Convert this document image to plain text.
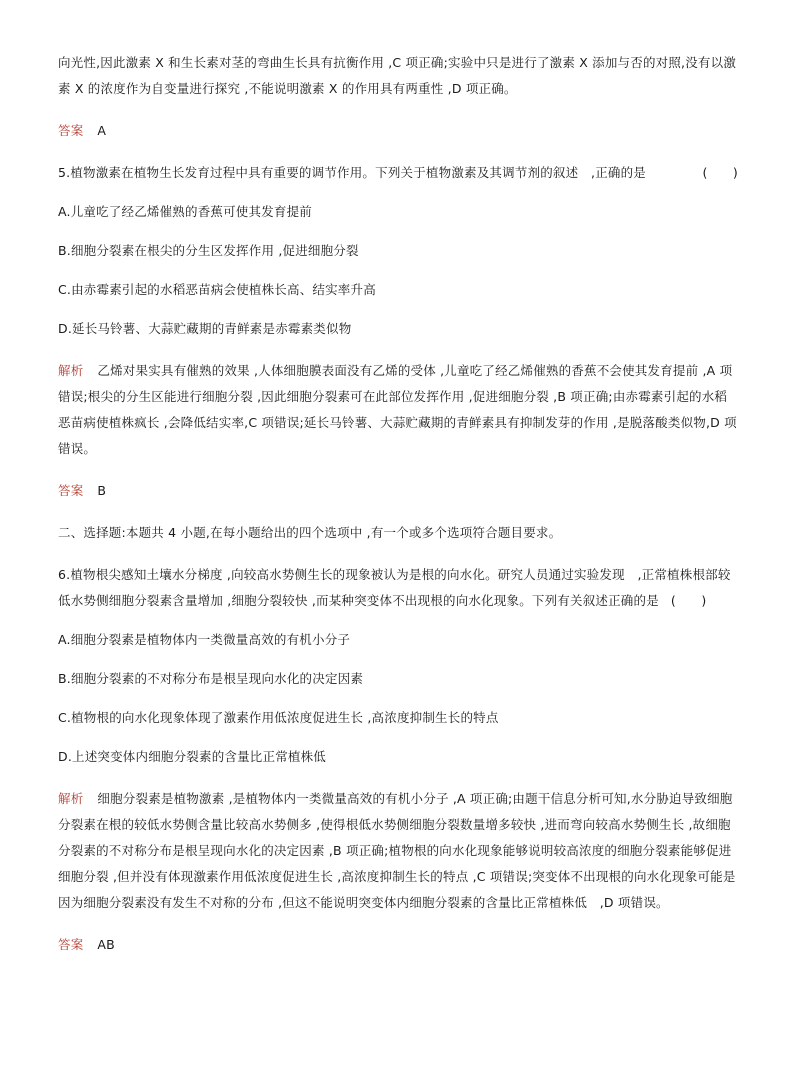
向光性,因此激素 X 和生长素对茎的弯曲生长具有抗衡作用 ,C 项正确;实验中只是进行了激素 X 添加与否的对照,没有以激素 X 的浓度作为自变量进行探究 ,不能说明激素 X 的作用具有两重性 ,D 项正确。

答案 A

5.植物激素在植物生长发育过程中具有重要的调节作用。下列关于植物激素及其调节剂的叙述　,正确的是	(　　)

A.儿童吃了经乙烯催熟的香蕉可使其发育提前

B.细胞分裂素在根尖的分生区发挥作用 ,促进细胞分裂

C.由赤霉素引起的水稻恶苗病会使植株长高、结实率升高

D.延长马铃薯、大蒜贮藏期的青鲜素是赤霉素类似物

解析 乙烯对果实具有催熟的效果 ,人体细胞膜表面没有乙烯的受体 ,儿童吃了经乙烯催熟的香蕉不会使其发育提前 ,A 项错误;根尖的分生区能进行细胞分裂 ,因此细胞分裂素可在此部位发挥作用 ,促进细胞分裂 ,B 项正确;由赤霉素引起的水稻恶苗病使植株疯长 ,会降低结实率,C 项错误;延长马铃薯、大蒜贮藏期的青鲜素具有抑制发芽的作用 ,是脱落酸类似物,D 项错误。

答案 B

二、选择题:本题共 4 小题,在每小题给出的四个选项中 ,有一个或多个选项符合题目要求。

6.植物根尖感知土壤水分梯度 ,向较高水势侧生长的现象被认为是根的向水化。研究人员通过实验发现　,正常植株根部较低水势侧细胞分裂素含量增加 ,细胞分裂较快 ,而某种突变体不出现根的向水化现象。下列有关叙述正确的是 (　　)

A.细胞分裂素是植物体内一类微量高效的有机小分子

B.细胞分裂素的不对称分布是根呈现向水化的决定因素

C.植物根的向水化现象体现了激素作用低浓度促进生长 ,高浓度抑制生长的特点

D.上述突变体内细胞分裂素的含量比正常植株低

解析 细胞分裂素是植物激素 ,是植物体内一类微量高效的有机小分子 ,A 项正确;由题干信息分析可知,水分胁迫导致细胞分裂素在根的较低水势侧含量比较高水势侧多 ,使得根低水势侧细胞分裂数量增多较快 ,进而弯向较高水势侧生长 ,故细胞分裂素的不对称分布是根呈现向水化的决定因素 ,B 项正确;植物根的向水化现象能够说明较高浓度的细胞分裂素能够促进细胞分裂 ,但并没有体现激素作用低浓度促进生长 ,高浓度抑制生长的特点 ,C 项错误;突变体不出现根的向水化现象可能是因为细胞分裂素没有发生不对称的分布 ,但这不能说明突变体内细胞分裂素的含量比正常植株低　,D 项错误。

答案 AB
